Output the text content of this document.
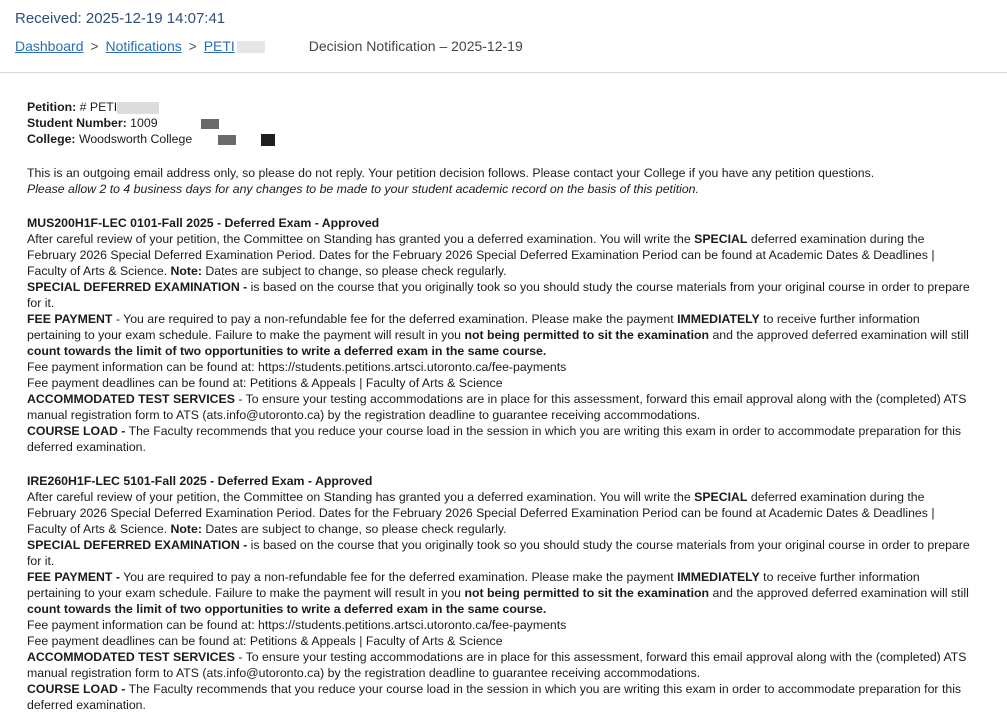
Received: 2025-12-19 14:07:41
Dashboard > Notifications > PETI	Decision Notification – 2025-12-19

Petition: # PETI

Student Number: 1009

College: Woodsworth College

This is an outgoing email address only, so please do not reply. Your petition decision follows. Please contact your College if you have any petition questions.

Please allow 2 to 4 business days for any changes to be made to your student academic record on the basis of this petition.

MUS200H1F-LEC 0101-Fall 2025 - Deferred Exam - Approved

After careful review of your petition, the Committee on Standing has granted you a deferred examination. You will write the SPECIAL deferred examination during the February 2026 Special Deferred Examination Period. Dates for the February 2026 Special Deferred Examination Period can be found at Academic Dates & Deadlines | Faculty of Arts & Science. Note: Dates are subject to change, so please check regularly.

SPECIAL DEFERRED EXAMINATION - is based on the course that you originally took so you should study the course materials from your original course in order to prepare for it.

FEE PAYMENT - You are required to pay a non-refundable fee for the deferred examination. Please make the payment IMMEDIATELY to receive further information pertaining to your exam schedule. Failure to make the payment will result in you not being permitted to sit the examination and the approved deferred examination will still count towards the limit of two opportunities to write a deferred exam in the same course.

Fee payment information can be found at: https://students.petitions.artsci.utoronto.ca/fee-payments

Fee payment deadlines can be found at: Petitions & Appeals | Faculty of Arts & Science

ACCOMMODATED TEST SERVICES - To ensure your testing accommodations are in place for this assessment, forward this email approval along with the (completed) ATS manual registration form to ATS (ats.info@utoronto.ca) by the registration deadline to guarantee receiving accommodations.

COURSE LOAD - The Faculty recommends that you reduce your course load in the session in which you are writing this exam in order to accommodate preparation for this deferred examination.

IRE260H1F-LEC 5101-Fall 2025 - Deferred Exam - Approved

After careful review of your petition, the Committee on Standing has granted you a deferred examination. You will write the SPECIAL deferred examination during the February 2026 Special Deferred Examination Period. Dates for the February 2026 Special Deferred Examination Period can be found at Academic Dates & Deadlines | Faculty of Arts & Science. Note: Dates are subject to change, so please check regularly.

SPECIAL DEFERRED EXAMINATION - is based on the course that you originally took so you should study the course materials from your original course in order to prepare for it.

FEE PAYMENT - You are required to pay a non-refundable fee for the deferred examination. Please make the payment IMMEDIATELY to receive further information pertaining to your exam schedule. Failure to make the payment will result in you not being permitted to sit the examination and the approved deferred examination will still count towards the limit of two opportunities to write a deferred exam in the same course.

Fee payment information can be found at: https://students.petitions.artsci.utoronto.ca/fee-payments

Fee payment deadlines can be found at: Petitions & Appeals | Faculty of Arts & Science

ACCOMMODATED TEST SERVICES - To ensure your testing accommodations are in place for this assessment, forward this email approval along with the (completed) ATS manual registration form to ATS (ats.info@utoronto.ca) by the registration deadline to guarantee receiving accommodations.

COURSE LOAD - The Faculty recommends that you reduce your course load in the session in which you are writing this exam in order to accommodate preparation for this deferred examination.
